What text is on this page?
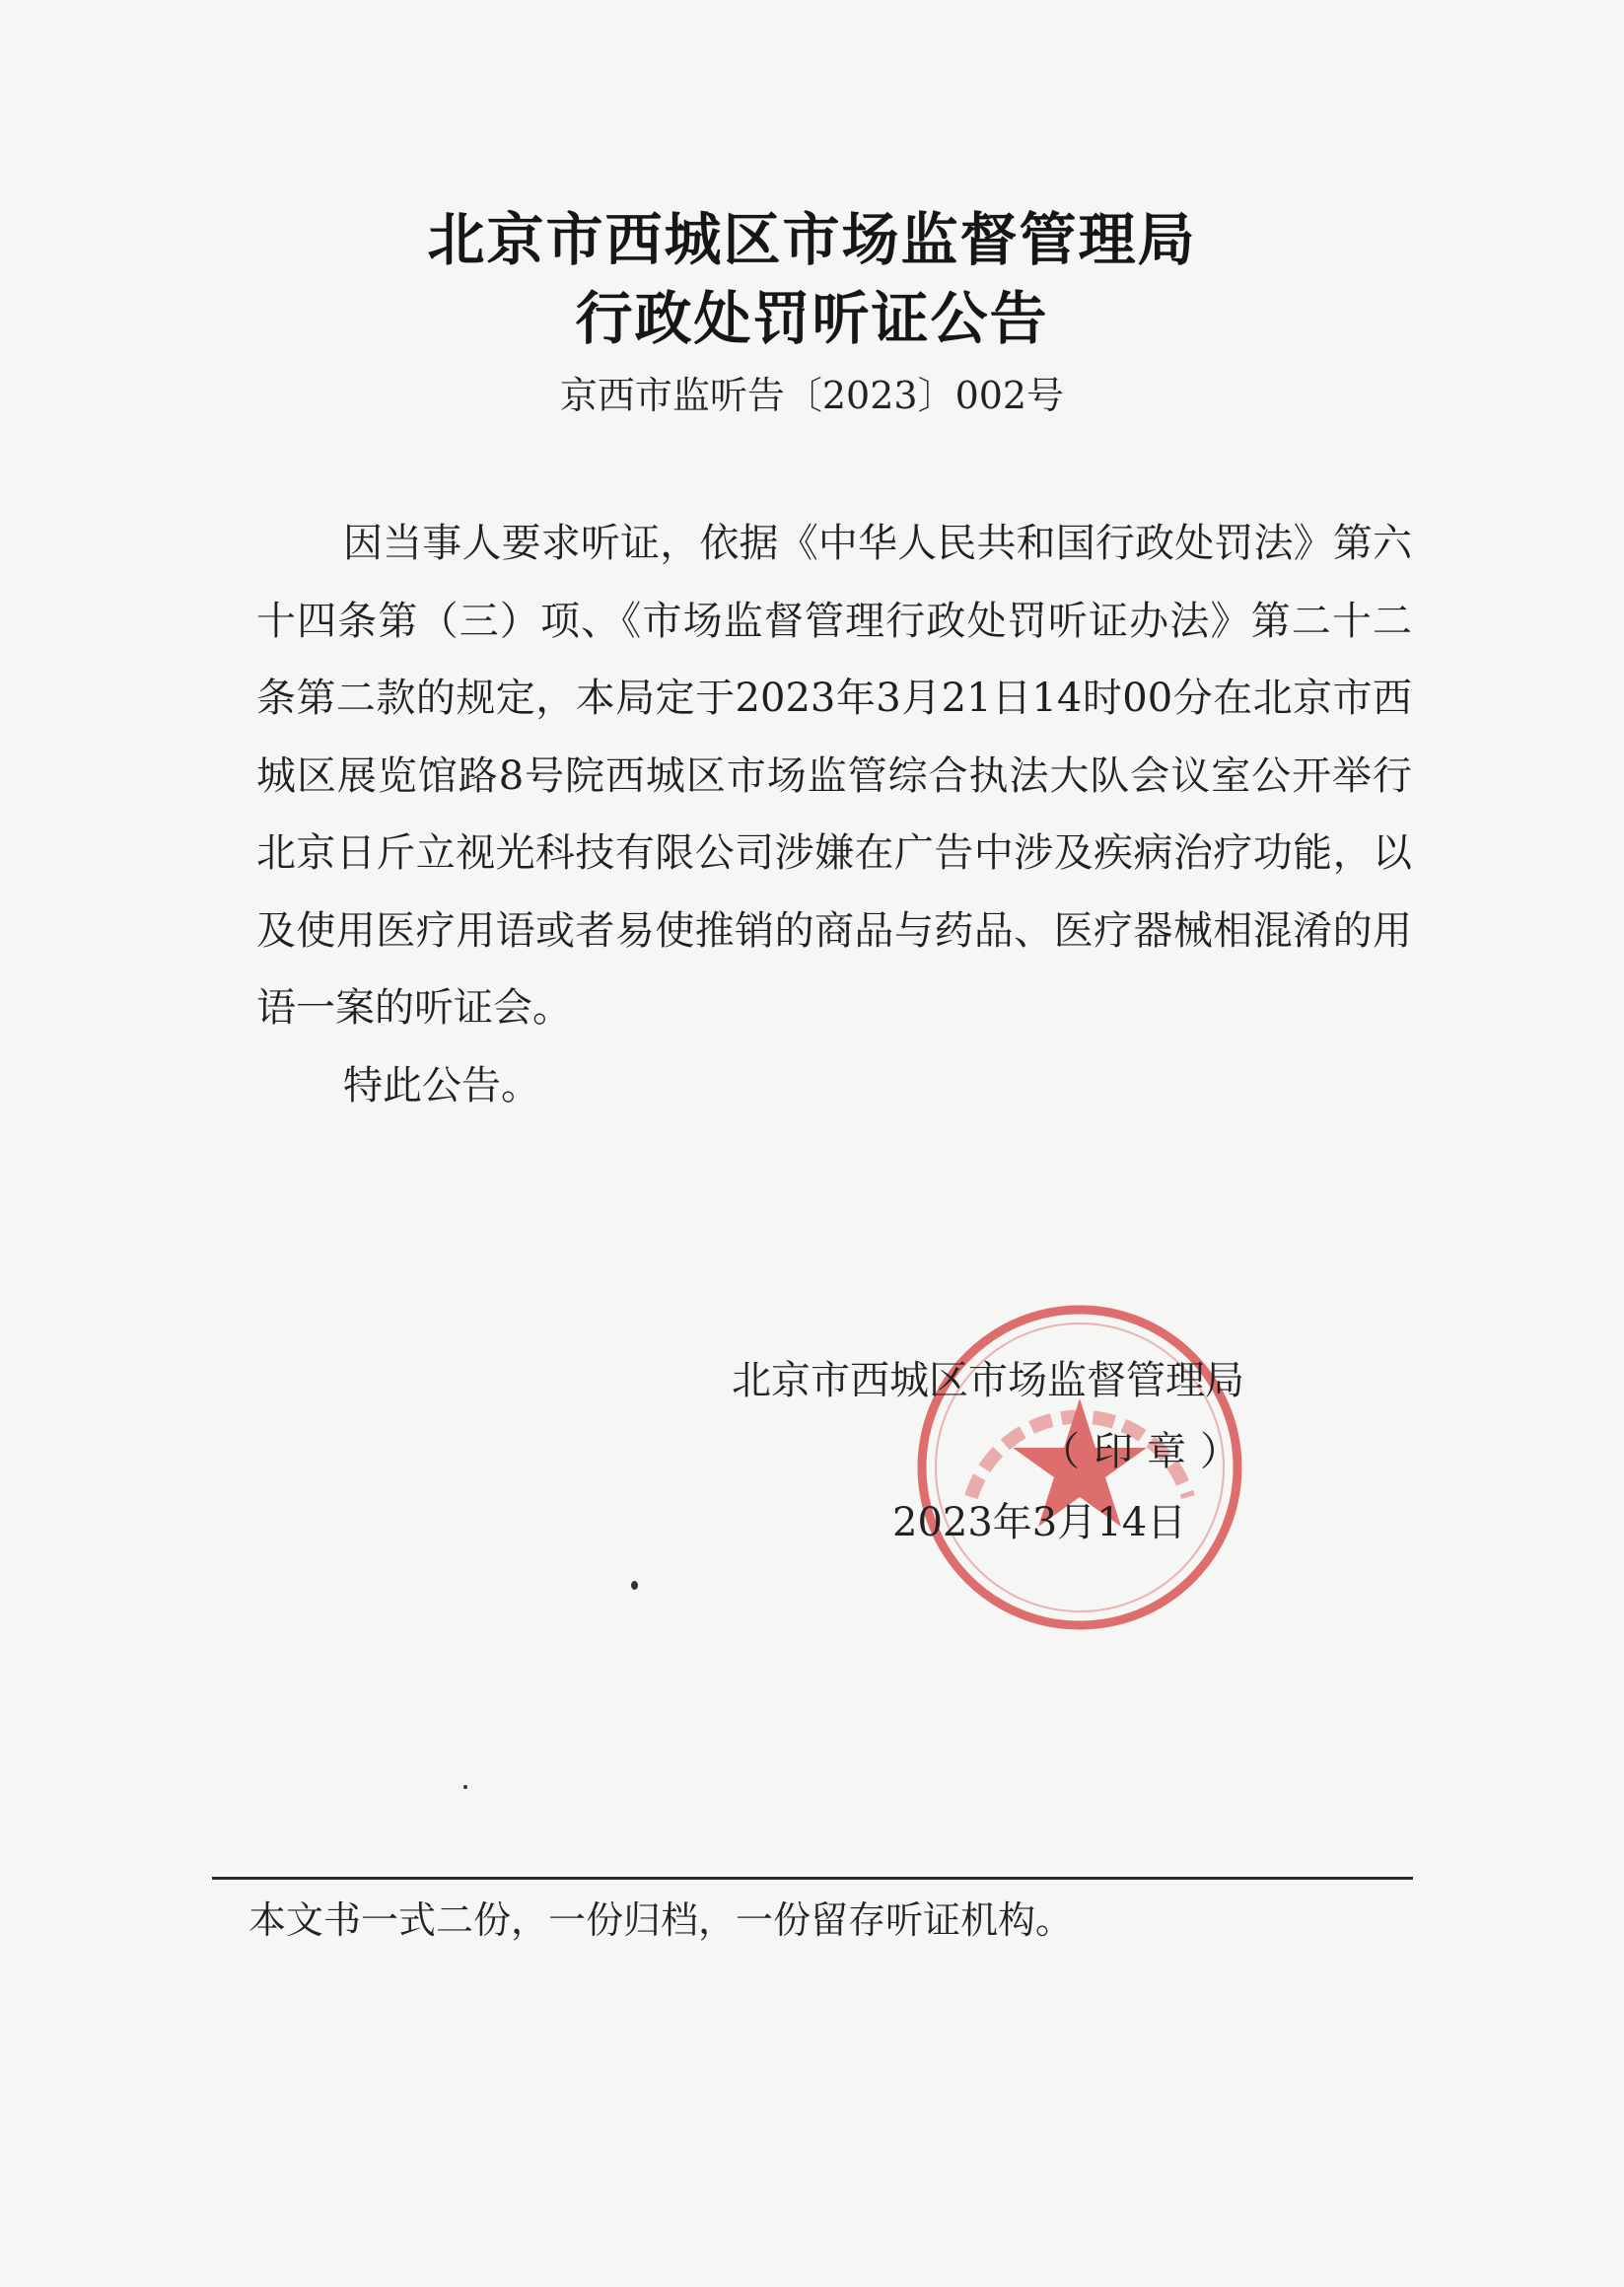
北京市西城区市场监督管理局
行政处罚听证公告
京西市监听告〔2023〕002号

因当事人要求听证，依据《中华人民共和国行政处罚法》第六十四条第（三）项、《市场监督管理行政处罚听证办法》第二十二条第二款的规定，本局定于2023年3月21日14时00分在北京市西城区展览馆路8号院西城区市场监管综合执法大队会议室公开举行北京日斤立视光科技有限公司涉嫌在广告中涉及疾病治疗功能，以及使用医疗用语或者易使推销的商品与药品、医疗器械相混淆的用语一案的听证会。

特此公告。

北京市西城区市场监督管理局
（印章）
2023年3月14日
本文书一式二份，一份归档，一份留存听证机构。
